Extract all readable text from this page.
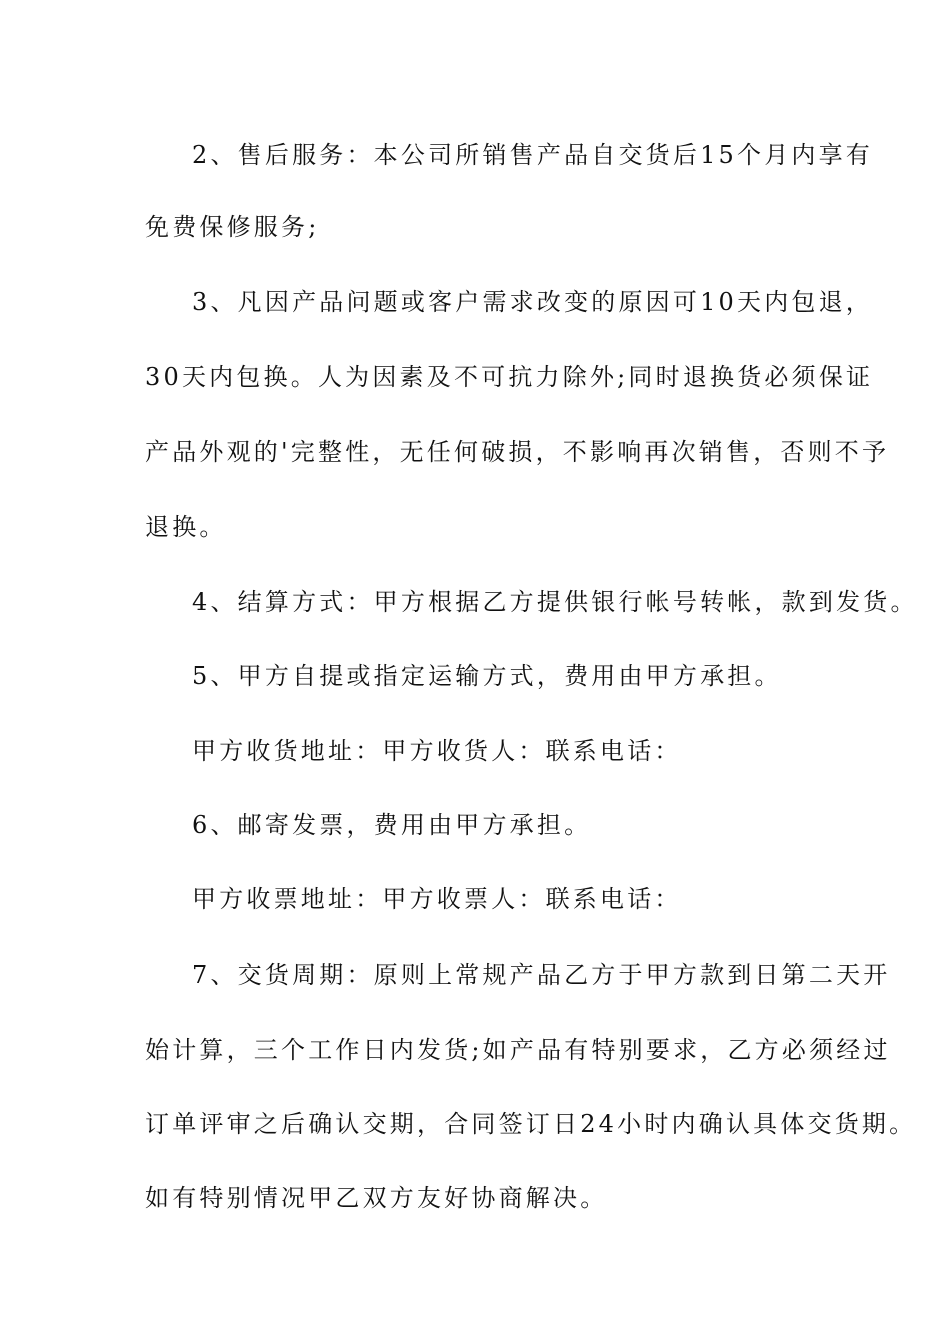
2、售后服务：本公司所销售产品自交货后15个月内享有
免费保修服务;
3、凡因产品问题或客户需求改变的原因可10天内包退，
30天内包换。人为因素及不可抗力除外;同时退换货必须保证
产品外观的'完整性，无任何破损，不影响再次销售，否则不予
退换。
4、结算方式：甲方根据乙方提供银行帐号转帐，款到发货。
5、甲方自提或指定运输方式，费用由甲方承担。
甲方收货地址：甲方收货人：联系电话：
6、邮寄发票，费用由甲方承担。
甲方收票地址：甲方收票人：联系电话：
7、交货周期：原则上常规产品乙方于甲方款到日第二天开
始计算，三个工作日内发货;如产品有特别要求，乙方必须经过
订单评审之后确认交期，合同签订日24小时内确认具体交货期。
如有特别情况甲乙双方友好协商解决。
